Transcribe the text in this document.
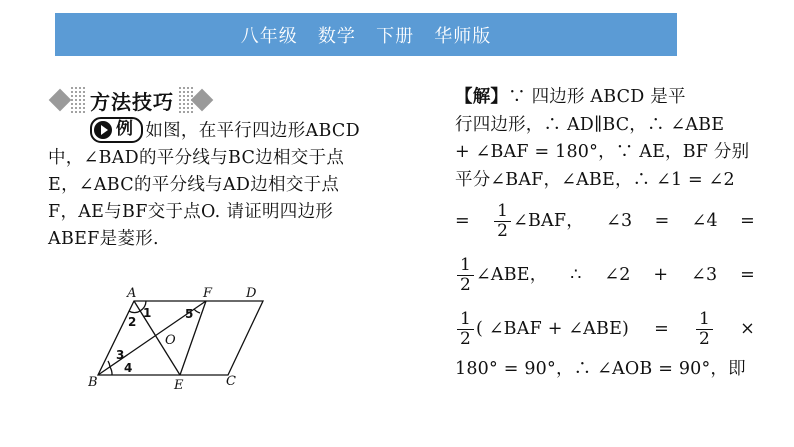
八年级   数学   下册   华师版
方法技巧

例 如图，在平行四边形ABCD中，∠BAD的平分线与BC边相交于点E，∠ABC的平分线与AD边相交于点F，AE与BF交于点O. 请证明四边形ABEF是菱形.

A	F	D
O
B	E	C
1
2
3
4
5
【解】∵ 四边形 ABCD 是平
行四边形，∴ AD∥BC，∴ ∠ABE
+ ∠BAF = 180°，∵ AE，BF 分别
平分∠BAF，∠ABE，∴ ∠1 = ∠2
= $\frac{1}{2}$ ∠BAF， ∠3 = ∠4 =
$\frac{1}{2}$ ∠ABE， ∴ ∠2 + ∠3 =
$\frac{1}{2}$ ( ∠BAF + ∠ABE) = $\frac{1}{2}$ ×
180° = 90°，∴ ∠AOB = 90°，即
